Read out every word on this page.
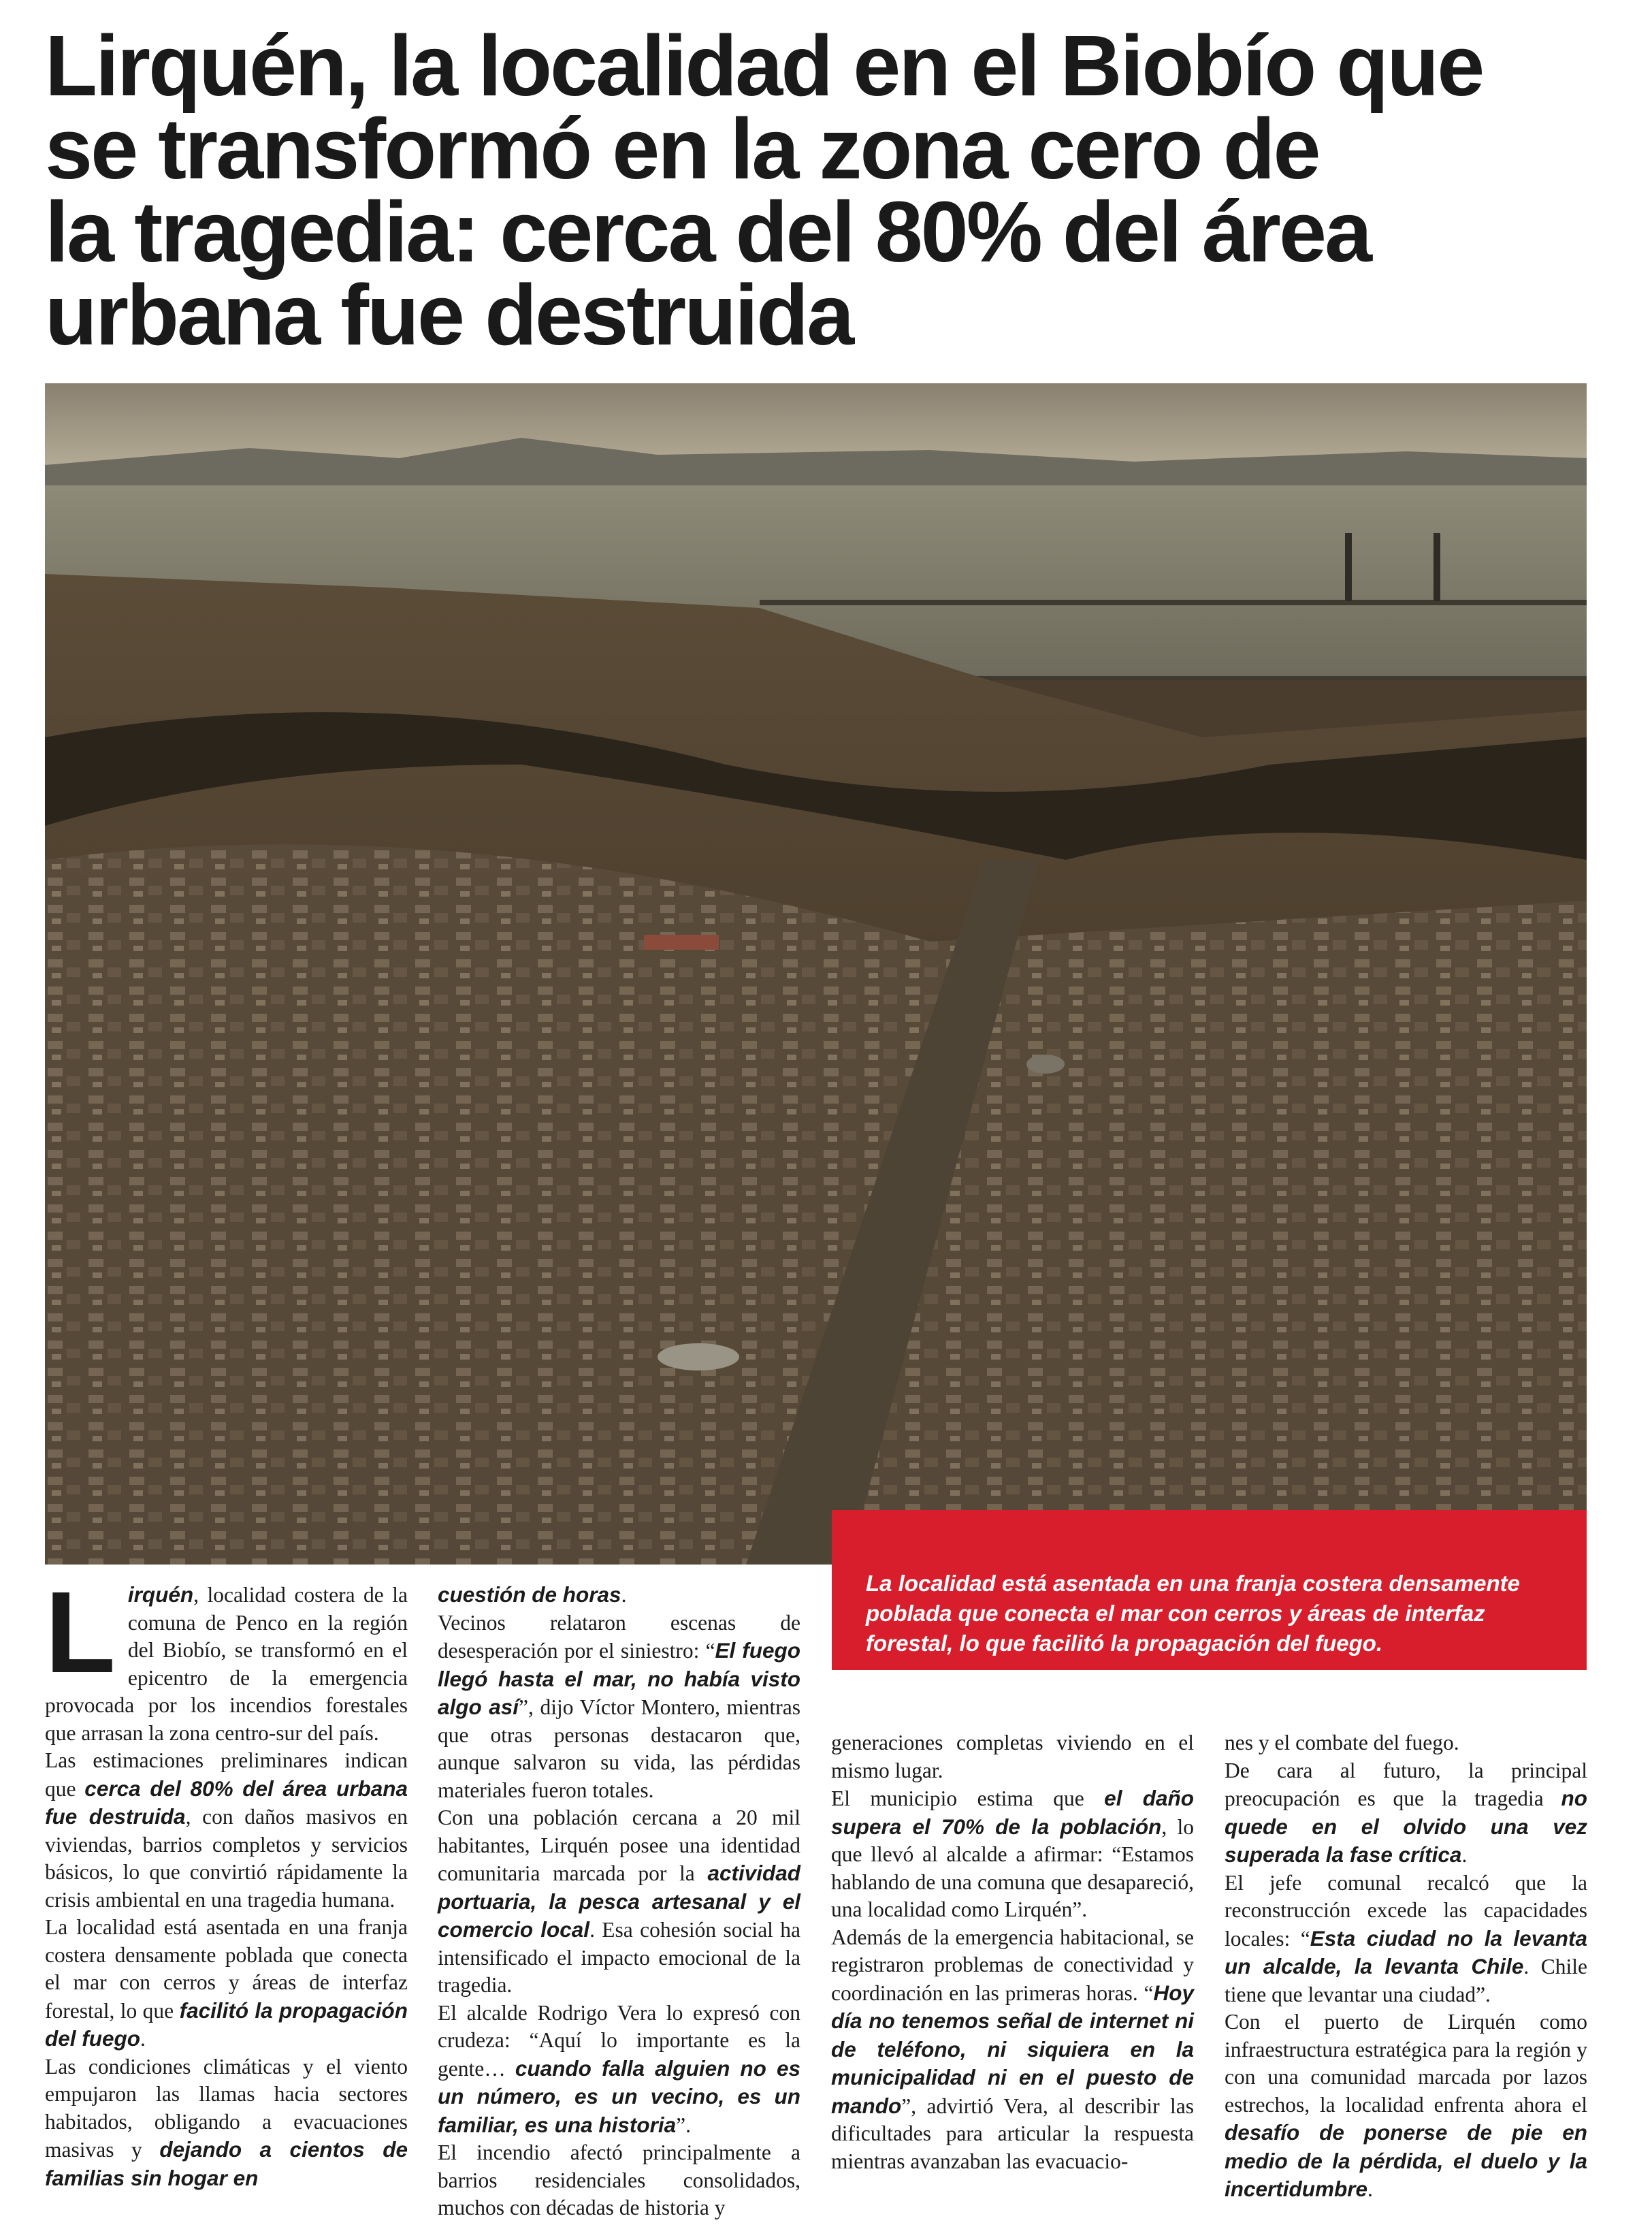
Lirquén, la localidad en el Biobío que
se transformó en la zona cero de
la tragedia: cerca del 80% del área
urbana fue destruida
La localidad está asentada en una franja costera densamente poblada que conecta el mar con cerros y áreas de interfaz forestal, lo que facilitó la propagación del fuego.

Lirquén, localidad costera de la comuna de Penco en la región del Biobío, se transformó en el epicentro de la emergencia provocada por los incendios forestales que arrasan la zona centro-sur del país.

Las estimaciones preliminares indican que cerca del 80% del área urbana fue destruida, con daños masivos en viviendas, barrios completos y servicios básicos, lo que convirtió rápidamente la crisis ambiental en una tragedia humana.

La localidad está asentada en una franja costera densamente poblada que conecta el mar con cerros y áreas de interfaz forestal, lo que facilitó la propagación del fuego.

Las condiciones climáticas y el viento empujaron las llamas hacia sectores habitados, obligando a evacuaciones masivas y dejando a cientos de familias sin hogar en

cuestión de horas.

Vecinos relataron escenas de desesperación por el siniestro: “El fuego llegó hasta el mar, no había visto algo así”, dijo Víctor Montero, mientras que otras personas destacaron que, aunque salvaron su vida, las pérdidas materiales fueron totales.

Con una población cercana a 20 mil habitantes, Lirquén posee una identidad comunitaria marcada por la actividad portuaria, la pesca artesanal y el comercio local. Esa cohesión social ha intensificado el impacto emocional de la tragedia.

El alcalde Rodrigo Vera lo expresó con crudeza: “Aquí lo importante es la gente… cuando falla alguien no es un número, es un vecino, es un familiar, es una historia”.

El incendio afectó principalmente a barrios residenciales consolidados, muchos con décadas de historia y

generaciones completas viviendo en el mismo lugar.

El municipio estima que el daño supera el 70% de la población, lo que llevó al alcalde a afirmar: “Estamos hablando de una comuna que desapareció, una localidad como Lirquén”.

Además de la emergencia habitacional, se registraron problemas de conectividad y coordinación en las primeras horas. “Hoy día no tenemos señal de internet ni de teléfono, ni siquiera en la municipalidad ni en el puesto de mando”, advirtió Vera, al describir las dificultades para articular la respuesta mientras avanzaban las evacuacio-

nes y el combate del fuego.

De cara al futuro, la principal preocupación es que la tragedia no quede en el olvido una vez superada la fase crítica.

El jefe comunal recalcó que la reconstrucción excede las capacidades locales: “Esta ciudad no la levanta un alcalde, la levanta Chile. Chile tiene que levantar una ciudad”.

Con el puerto de Lirquén como infraestructura estratégica para la región y con una comunidad marcada por lazos estrechos, la localidad enfrenta ahora el desafío de ponerse de pie en medio de la pérdida, el duelo y la incertidumbre.
